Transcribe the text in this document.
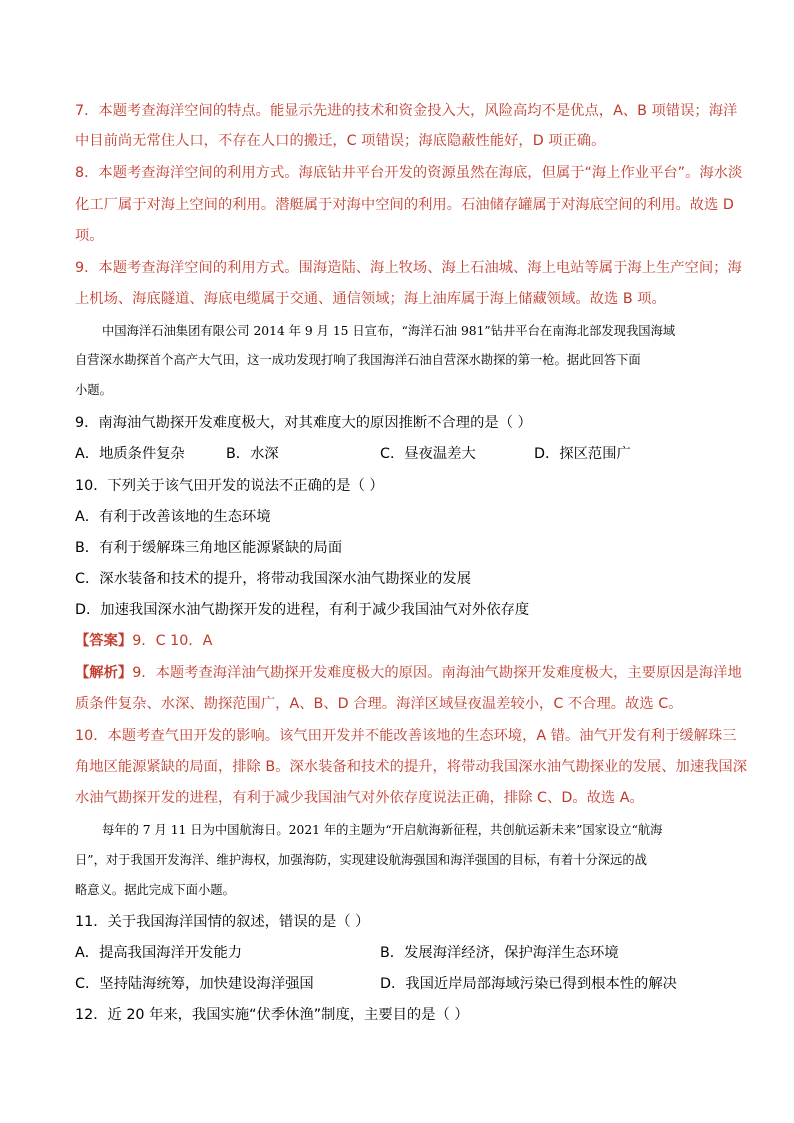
7．本题考查海洋空间的特点。能显示先进的技术和资金投入大，风险高均不是优点，A、B 项错误；海洋
中目前尚无常住人口，不存在人口的搬迁，C 项错误；海底隐蔽性能好，D 项正确。
8．本题考查海洋空间的利用方式。海底钻井平台开发的资源虽然在海底，但属于“海上作业平台”。海水淡
化工厂属于对海上空间的利用。潜艇属于对海中空间的利用。石油储存罐属于对海底空间的利用。故选 D
项。
9．本题考查海洋空间的利用方式。围海造陆、海上牧场、海上石油城、海上电站等属于海上生产空间；海
上机场、海底隧道、海底电缆属于交通、通信领域；海上油库属于海上储藏领域。故选 B 项。
中国海洋石油集团有限公司 2014 年 9 月 15 日宣布，“海洋石油 981”钻井平台在南海北部发现我国海域
自营深水勘探首个高产大气田，这一成功发现打响了我国海洋石油自营深水勘探的第一枪。据此回答下面
小题。
9．南海油气勘探开发难度极大，对其难度大的原因推断不合理的是（ ）
A．地质条件复杂	B．水深	C．昼夜温差大	D．探区范围广
10．下列关于该气田开发的说法不正确的是（ ）
A．有利于改善该地的生态环境
B．有利于缓解珠三角地区能源紧缺的局面
C．深水装备和技术的提升，将带动我国深水油气勘探业的发展
D．加速我国深水油气勘探开发的进程，有利于减少我国油气对外依存度
【答案】9．C 10．A
【解析】9．本题考查海洋油气勘探开发难度极大的原因。南海油气勘探开发难度极大，主要原因是海洋地
质条件复杂、水深、勘探范围广，A、B、D 合理。海洋区域昼夜温差较小，C 不合理。故选 C。
10．本题考查气田开发的影响。该气田开发并不能改善该地的生态环境，A 错。油气开发有利于缓解珠三
角地区能源紧缺的局面，排除 B。深水装备和技术的提升，将带动我国深水油气勘探业的发展、加速我国深
水油气勘探开发的进程，有利于减少我国油气对外依存度说法正确，排除 C、D。故选 A。
每年的 7 月 11 日为中国航海日。2021 年的主题为“开启航海新征程，共创航运新未来”国家设立“航海
日”，对于我国开发海洋、维护海权，加强海防，实现建设航海强国和海洋强国的目标，有着十分深远的战
略意义。据此完成下面小题。
11．关于我国海洋国情的叙述，错误的是（ ）
A．提高我国海洋开发能力	B．发展海洋经济，保护海洋生态环境
C．坚持陆海统筹，加快建设海洋强国	D．我国近岸局部海域污染已得到根本性的解决
12．近 20 年来，我国实施“伏季休渔”制度，主要目的是（ ）
